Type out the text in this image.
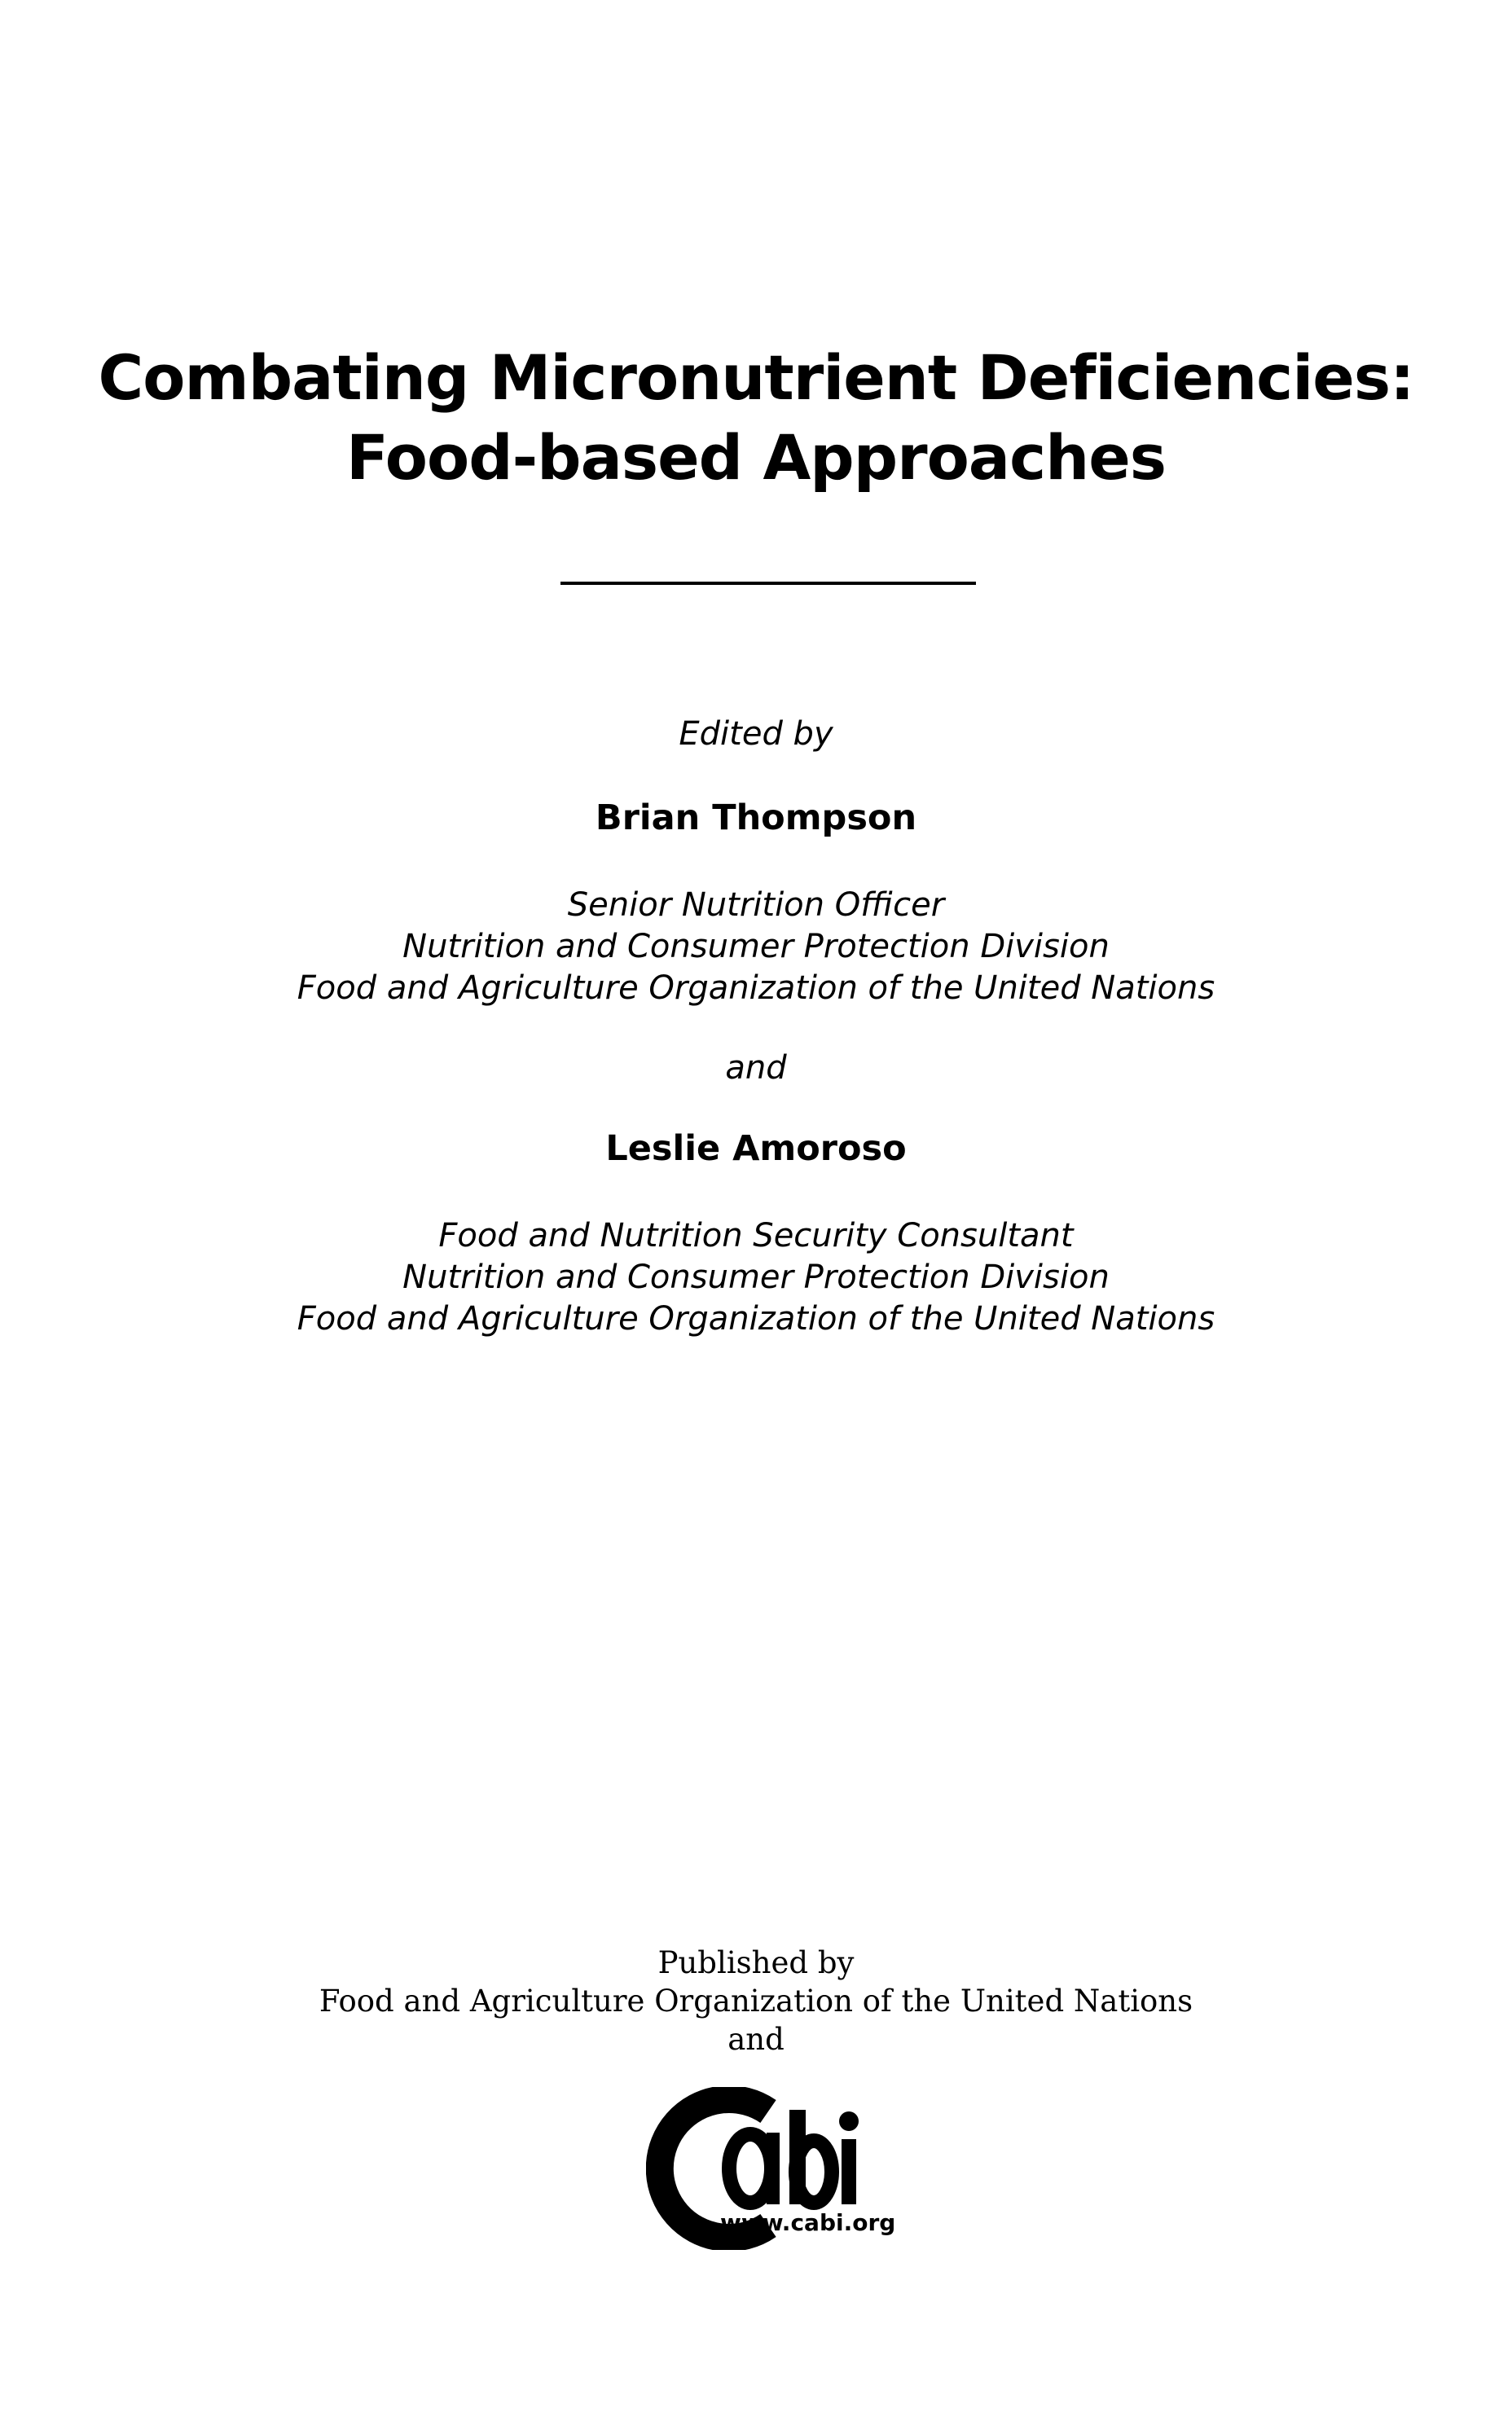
Combating Micronutrient Deficiencies:
Food-based Approaches
Edited by
Brian Thompson
Senior Nutrition Officer
Nutrition and Consumer Protection Division
Food and Agriculture Organization of the United Nations
and
Leslie Amoroso
Food and Nutrition Security Consultant
Nutrition and Consumer Protection Division
Food and Agriculture Organization of the United Nations
Published by
Food and Agriculture Organization of the United Nations
and
www.cabi.org
